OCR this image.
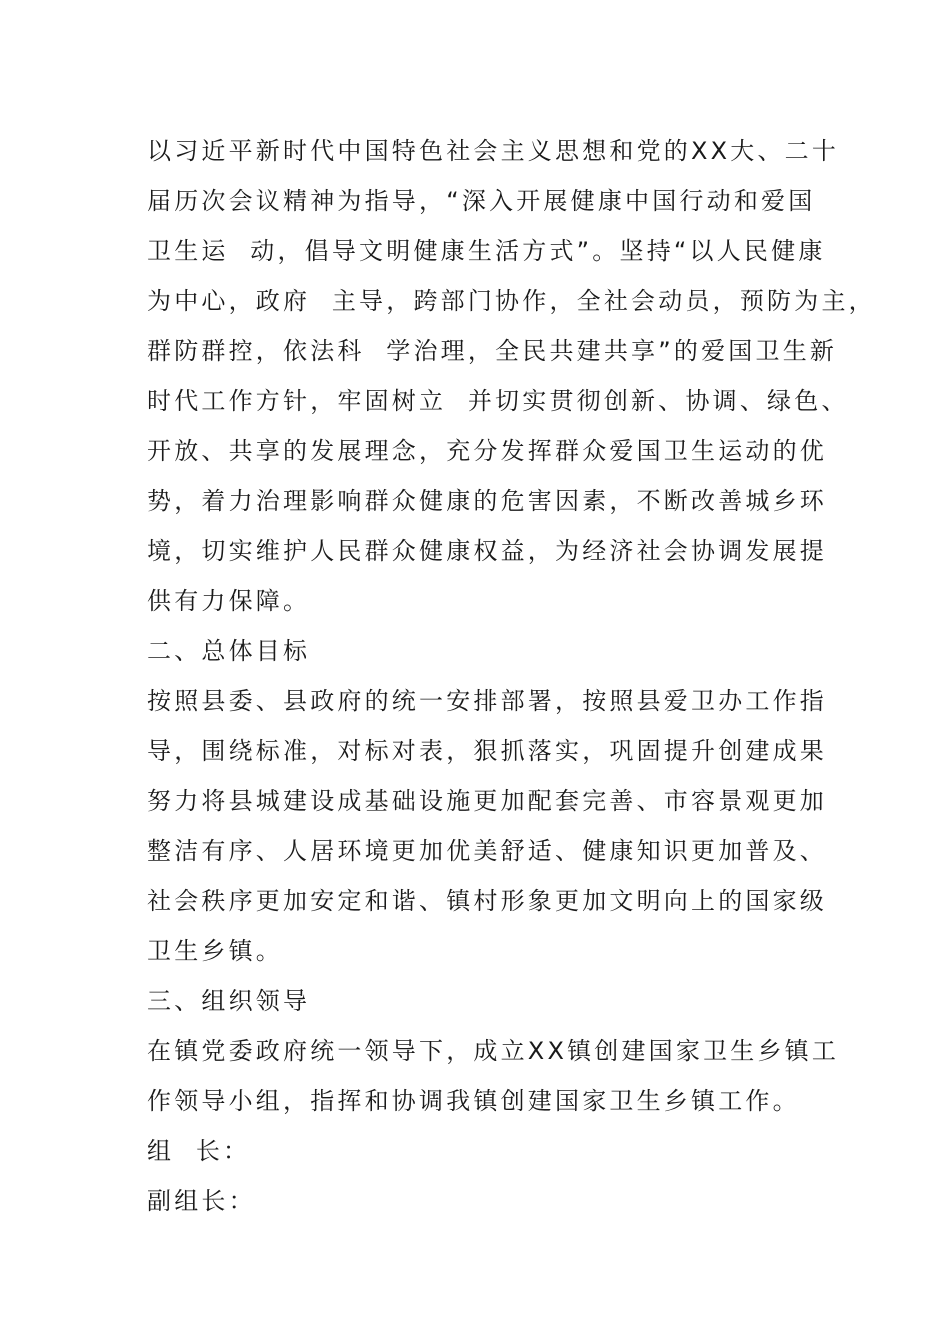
以习近平新时代中国特色社会主义思想和党的XX大、二十
届历次会议精神为指导，“深入开展健康中国行动和爱国
卫生运  动，倡导文明健康生活方式”。坚持“以人民健康
为中心，政府  主导，跨部门协作，全社会动员，预防为主，
群防群控，依法科  学治理，全民共建共享”的爱国卫生新
时代工作方针，牢固树立  并切实贯彻创新、协调、绿色、
开放、共享的发展理念，充分发挥群众爱国卫生运动的优
势，着力治理影响群众健康的危害因素，不断改善城乡环
境，切实维护人民群众健康权益，为经济社会协调发展提
供有力保障。
二、总体目标
按照县委、县政府的统一安排部署，按照县爱卫办工作指
导，围绕标准，对标对表，狠抓落实，巩固提升创建成果
努力将县城建设成基础设施更加配套完善、市容景观更加
整洁有序、人居环境更加优美舒适、健康知识更加普及、
社会秩序更加安定和谐、镇村形象更加文明向上的国家级
卫生乡镇。
三、组织领导
在镇党委政府统一领导下，成立XX镇创建国家卫生乡镇工
作领导小组，指挥和协调我镇创建国家卫生乡镇工作。
组  长：
副组长：
